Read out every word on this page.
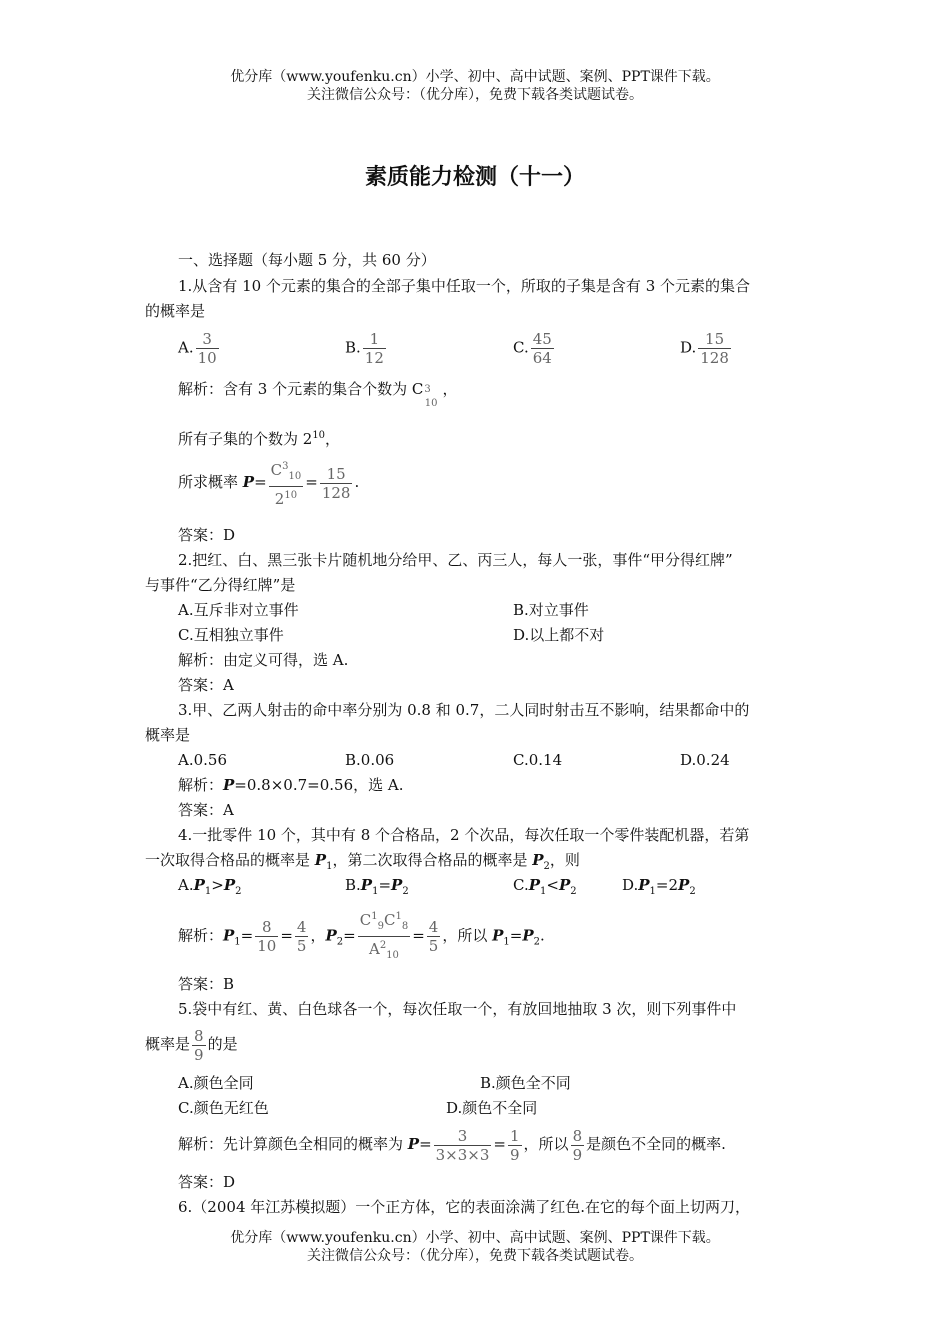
优分库（www.youfenku.cn）小学、初中、高中试题、案例、PPT课件下载。
关注微信公众号：（优分库），免费下载各类试题试卷。
素质能力检测（十一）
一、选择题（每小题 5 分，共 60 分）
1.从含有 10 个元素的集合的全部子集中任取一个，所取的子集是含有 3 个元素的集合
的概率是
A. $\frac{3}{10}$	B. $\frac{1}{12}$	C. $\frac{45}{64}$	D. $\frac{15}{128}$
解析：含有 3 个元素的集合个数为 C310，
所有子集的个数为 $2^{10}$，
所求概率 $P= \frac{C^3_{10}}{2^{10}} = \frac{15}{128}$ .
答案：D
2.把红、白、黑三张卡片随机地分给甲、乙、丙三人，每人一张，事件“甲分得红牌”
与事件“乙分得红牌”是
A.互斥非对立事件	B.对立事件
C.互相独立事件	D.以上都不对
解析：由定义可得，选 A.
答案：A
3.甲、乙两人射击的命中率分别为 0.8 和 0.7，二人同时射击互不影响，结果都命中的
概率是
A.0.56	B.0.06	C.0.14	D.0.24
解析：P=0.8×0.7=0.56，选 A.
答案：A
4.一批零件 10 个，其中有 8 个合格品，2 个次品，每次任取一个零件装配机器，若第
一次取得合格品的概率是 $P_1$，第二次取得合格品的概率是 $P_2$，则
$A.P_1>P_2$	$B.P_1=P_2$	$C.P_1<P_2$	$D.P_1=2P_2$
解析：$P_1= \frac{8}{10} = \frac{4}{5}$ ，$P_2= \frac{C^1_9C^1_8}{A^2_{10}} = \frac{4}{5}$ ，所以 $P_1=P_2$.
答案：B
5.袋中有红、黄、白色球各一个，每次任取一个，有放回地抽取 3 次，则下列事件中
概率是 $\frac{8}{9}$ 的是
A.颜色全同	B.颜色全不同
C.颜色无红色	D.颜色不全同
解析：先计算颜色全相同的概率为 $P= \frac{3}{3\times 3\times 3} = \frac{1}{9}$ ，所以 $\frac{8}{9}$ 是颜色不全同的概率.
答案：D
6.（2004 年江苏模拟题）一个正方体，它的表面涂满了红色.在它的每个面上切两刀，
优分库（www.youfenku.cn）小学、初中、高中试题、案例、PPT课件下载。
关注微信公众号：（优分库），免费下载各类试题试卷。
